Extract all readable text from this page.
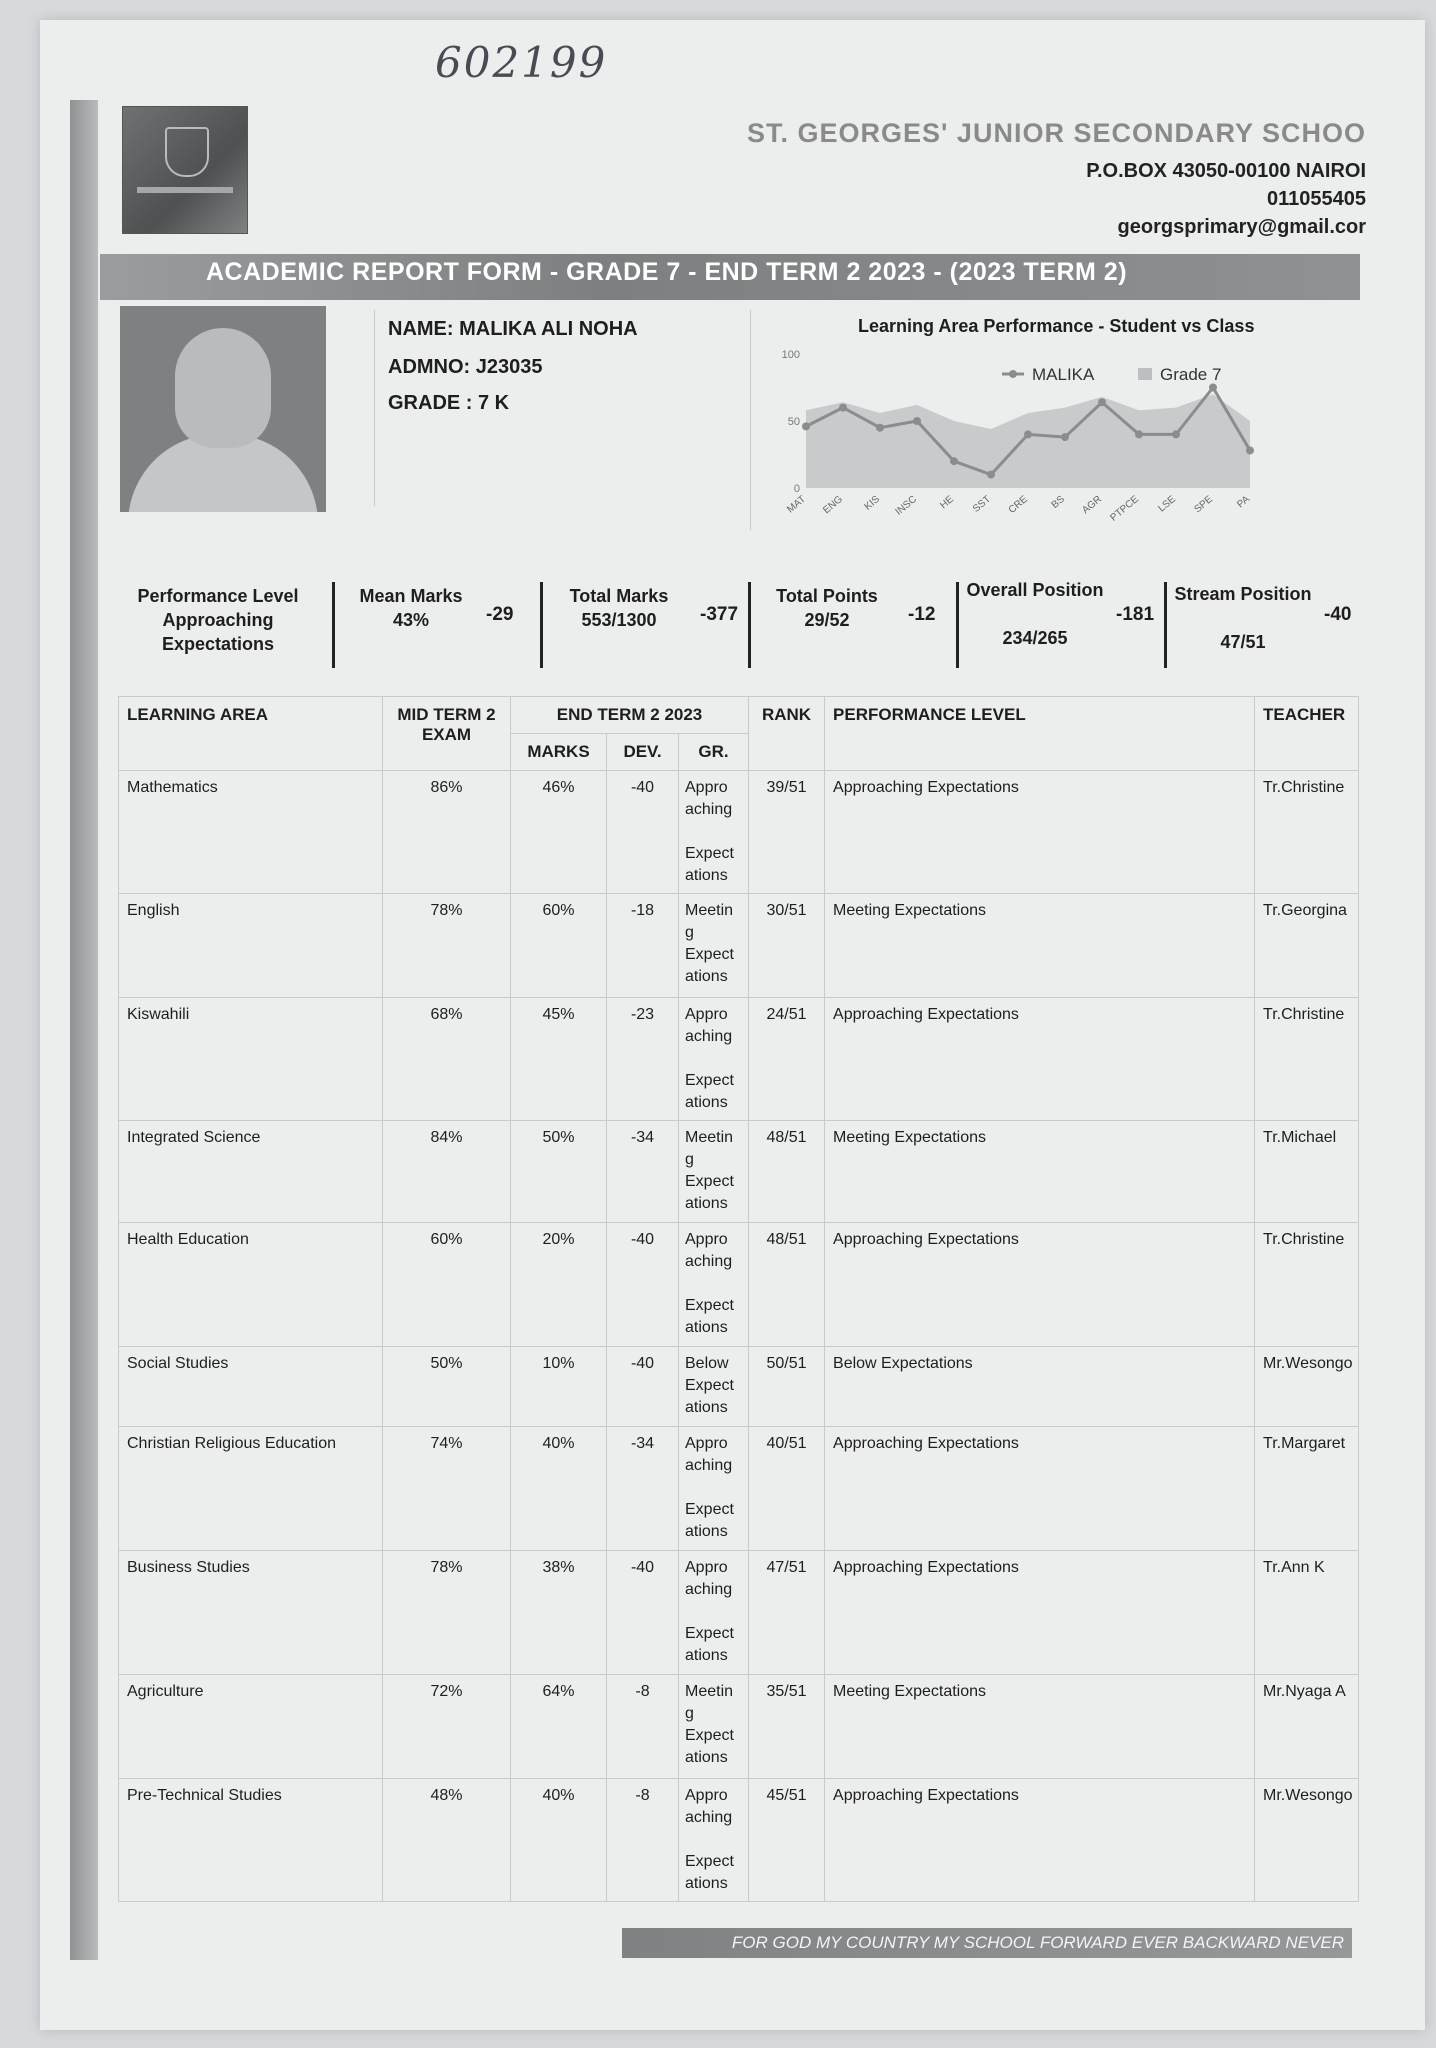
602199
ST. GEORGES' JUNIOR SECONDARY SCHOO
P.O.BOX 43050-00100 NAIROI
011055405
georgsprimary@gmail.cor
ACADEMIC REPORT FORM - GRADE 7 - END TERM 2 2023 - (2023 TERM 2)
NAME: MALIKA ALI NOHA
ADMNO: J23035
GRADE : 7 K
Learning Area Performance - Student vs Class
100
50
0
MAT ENG KIS INSC HE SST CRE BS AGR PTPCE LSE SPE PA
MALIKA	Grade 7
Performance Level
Approaching Expectations
Mean Marks
43%	-29
Total Marks
553/1300	-377
Total Points
29/52	-12
Overall Position
234/265
-181
Stream Position
47/51
-40
LEARNING AREA	MID TERM 2 EXAM	END TERM 2 2023			RANK	PERFORMANCE LEVEL	TEACHER
		MARKS	DEV.	GR.			
Mathematics	86%	46%	-40	Appro
aching

Expect
ations	39/51	Approaching Expectations	Tr.Christine
English	78%	60%	-18	Meetin
g
Expect
ations	30/51	Meeting Expectations	Tr.Georgina
Kiswahili	68%	45%	-23	Appro
aching

Expect
ations	24/51	Approaching Expectations	Tr.Christine
Integrated Science	84%	50%	-34	Meetin
g
Expect
ations	48/51	Meeting Expectations	Tr.Michael
Health Education	60%	20%	-40	Appro
aching

Expect
ations	48/51	Approaching Expectations	Tr.Christine
Social Studies	50%	10%	-40	Below
Expect
ations	50/51	Below Expectations	Mr.Wesongo
Christian Religious Education	74%	40%	-34	Appro
aching

Expect
ations	40/51	Approaching Expectations	Tr.Margaret
Business Studies	78%	38%	-40	Appro
aching

Expect
ations	47/51	Approaching Expectations	Tr.Ann K
Agriculture	72%	64%	-8	Meetin
g
Expect
ations	35/51	Meeting Expectations	Mr.Nyaga A
Pre-Technical Studies	48%	40%	-8	Appro
aching

Expect
ations	45/51	Approaching Expectations	Mr.Wesongo
FOR GOD MY COUNTRY MY SCHOOL FORWARD EVER BACKWARD NEVER
